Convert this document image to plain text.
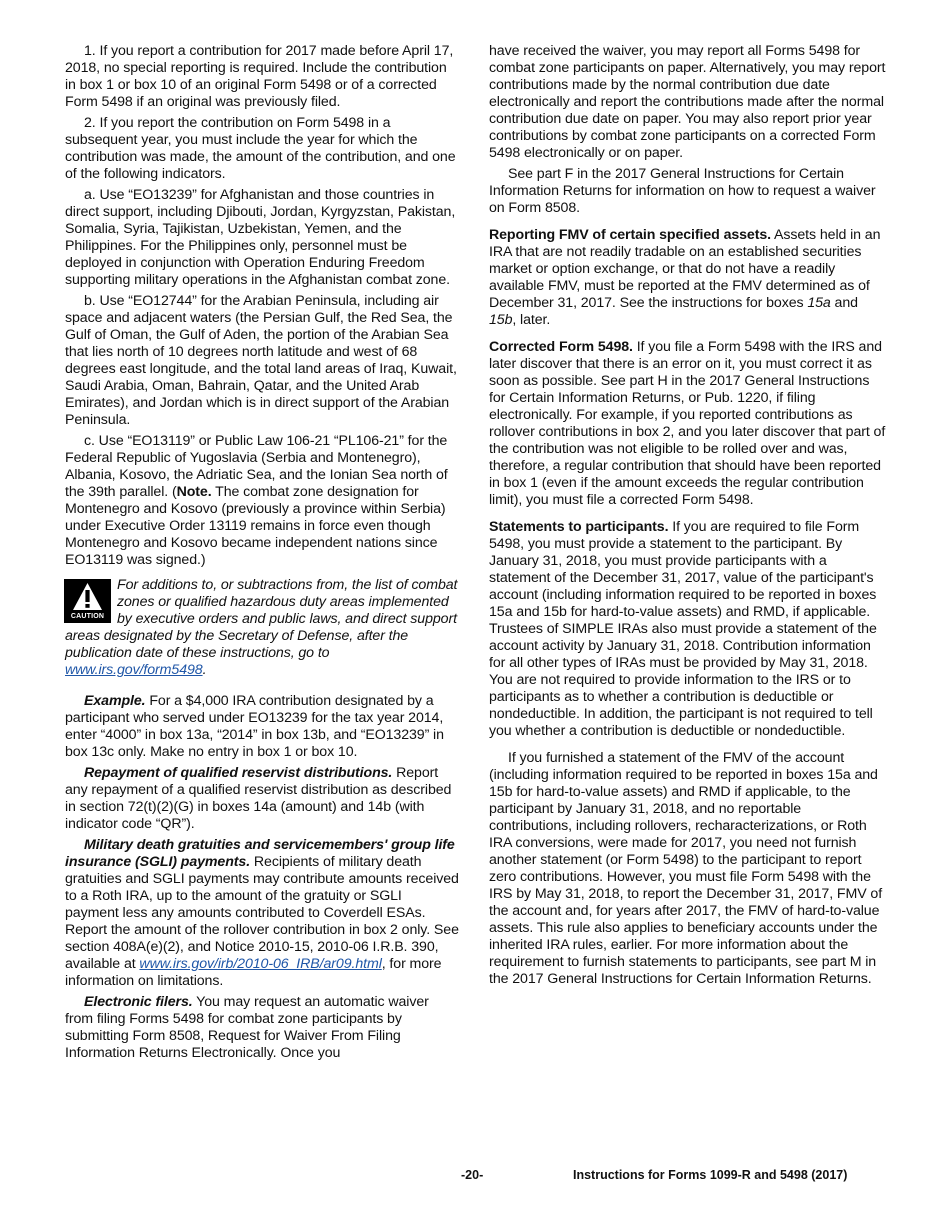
1. If you report a contribution for 2017 made before April 17, 2018, no special reporting is required. Include the contribution in box 1 or box 10 of an original Form 5498 or of a corrected Form 5498 if an original was previously filed.

2. If you report the contribution on Form 5498 in a subsequent year, you must include the year for which the contribution was made, the amount of the contribution, and one of the following indicators.

a. Use “EO13239” for Afghanistan and those countries in direct support, including Djibouti, Jordan, Kyrgyzstan, Pakistan, Somalia, Syria, Tajikistan, Uzbekistan, Yemen, and the Philippines. For the Philippines only, personnel must be deployed in conjunction with Operation Enduring Freedom supporting military operations in the Afghanistan combat zone.

b. Use “EO12744” for the Arabian Peninsula, including air space and adjacent waters (the Persian Gulf, the Red Sea, the Gulf of Oman, the Gulf of Aden, the portion of the Arabian Sea that lies north of 10 degrees north latitude and west of 68 degrees east longitude, and the total land areas of Iraq, Kuwait, Saudi Arabia, Oman, Bahrain, Qatar, and the United Arab Emirates), and Jordan which is in direct support of the Arabian Peninsula.

c. Use “EO13119” or Public Law 106-21 “PL106-21” for the Federal Republic of Yugoslavia (Serbia and Montenegro), Albania, Kosovo, the Adriatic Sea, and the Ionian Sea north of the 39th parallel. (Note. The combat zone designation for Montenegro and Kosovo (previously a province within Serbia) under Executive Order 13119 remains in force even though Montenegro and Kosovo became independent nations since EO13119 was signed.)

CAUTION
For additions to, or subtractions from, the list of combat zones or qualified hazardous duty areas implemented by executive orders and public laws, and direct support areas designated by the Secretary of Defense, after the publication date of these instructions, go to www.irs.gov/form5498.

Example. For a $4,000 IRA contribution designated by a participant who served under EO13239 for the tax year 2014, enter “4000” in box 13a, “2014” in box 13b, and “EO13239” in box 13c only. Make no entry in box 1 or box 10.

Repayment of qualified reservist distributions. Report any repayment of a qualified reservist distribution as described in section 72(t)(2)(G) in boxes 14a (amount) and 14b (with indicator code “QR”).

Military death gratuities and servicemembers' group life insurance (SGLI) payments. Recipients of military death gratuities and SGLI payments may contribute amounts received to a Roth IRA, up to the amount of the gratuity or SGLI payment less any amounts contributed to Coverdell ESAs. Report the amount of the rollover contribution in box 2 only. See section 408A(e)(2), and Notice 2010-15, 2010-06 I.R.B. 390, available at www.irs.gov/irb/2010-06_IRB/ar09.html, for more information on limitations.

Electronic filers. You may request an automatic waiver from filing Forms 5498 for combat zone participants by submitting Form 8508, Request for Waiver From Filing Information Returns Electronically. Once you

have received the waiver, you may report all Forms 5498 for combat zone participants on paper. Alternatively, you may report contributions made by the normal contribution due date electronically and report the contributions made after the normal contribution due date on paper. You may also report prior year contributions by combat zone participants on a corrected Form 5498 electronically or on paper.

See part F in the 2017 General Instructions for Certain Information Returns for information on how to request a waiver on Form 8508.

Reporting FMV of certain specified assets. Assets held in an IRA that are not readily tradable on an established securities market or option exchange, or that do not have a readily available FMV, must be reported at the FMV determined as of December 31, 2017. See the instructions for boxes 15a and 15b, later.

Corrected Form 5498. If you file a Form 5498 with the IRS and later discover that there is an error on it, you must correct it as soon as possible. See part H in the 2017 General Instructions for Certain Information Returns, or Pub. 1220, if filing electronically. For example, if you reported contributions as rollover contributions in box 2, and you later discover that part of the contribution was not eligible to be rolled over and was, therefore, a regular contribution that should have been reported in box 1 (even if the amount exceeds the regular contribution limit), you must file a corrected Form 5498.

Statements to participants. If you are required to file Form 5498, you must provide a statement to the participant. By January 31, 2018, you must provide participants with a statement of the December 31, 2017, value of the participant's account (including information required to be reported in boxes 15a and 15b for hard-to-value assets) and RMD, if applicable. Trustees of SIMPLE IRAs also must provide a statement of the account activity by January 31, 2018. Contribution information for all other types of IRAs must be provided by May 31, 2018. You are not required to provide information to the IRS or to participants as to whether a contribution is deductible or nondeductible. In addition, the participant is not required to tell you whether a contribution is deductible or nondeductible.

If you furnished a statement of the FMV of the account (including information required to be reported in boxes 15a and 15b for hard-to-value assets) and RMD if applicable, to the participant by January 31, 2018, and no reportable contributions, including rollovers, recharacterizations, or Roth IRA conversions, were made for 2017, you need not furnish another statement (or Form 5498) to the participant to report zero contributions. However, you must file Form 5498 with the IRS by May 31, 2018, to report the December 31, 2017, FMV of the account and, for years after 2017, the FMV of hard-to-value assets. This rule also applies to beneficiary accounts under the inherited IRA rules, earlier. For more information about the requirement to furnish statements to participants, see part M in the 2017 General Instructions for Certain Information Returns.

-20-	Instructions for Forms 1099-R and 5498 (2017)
